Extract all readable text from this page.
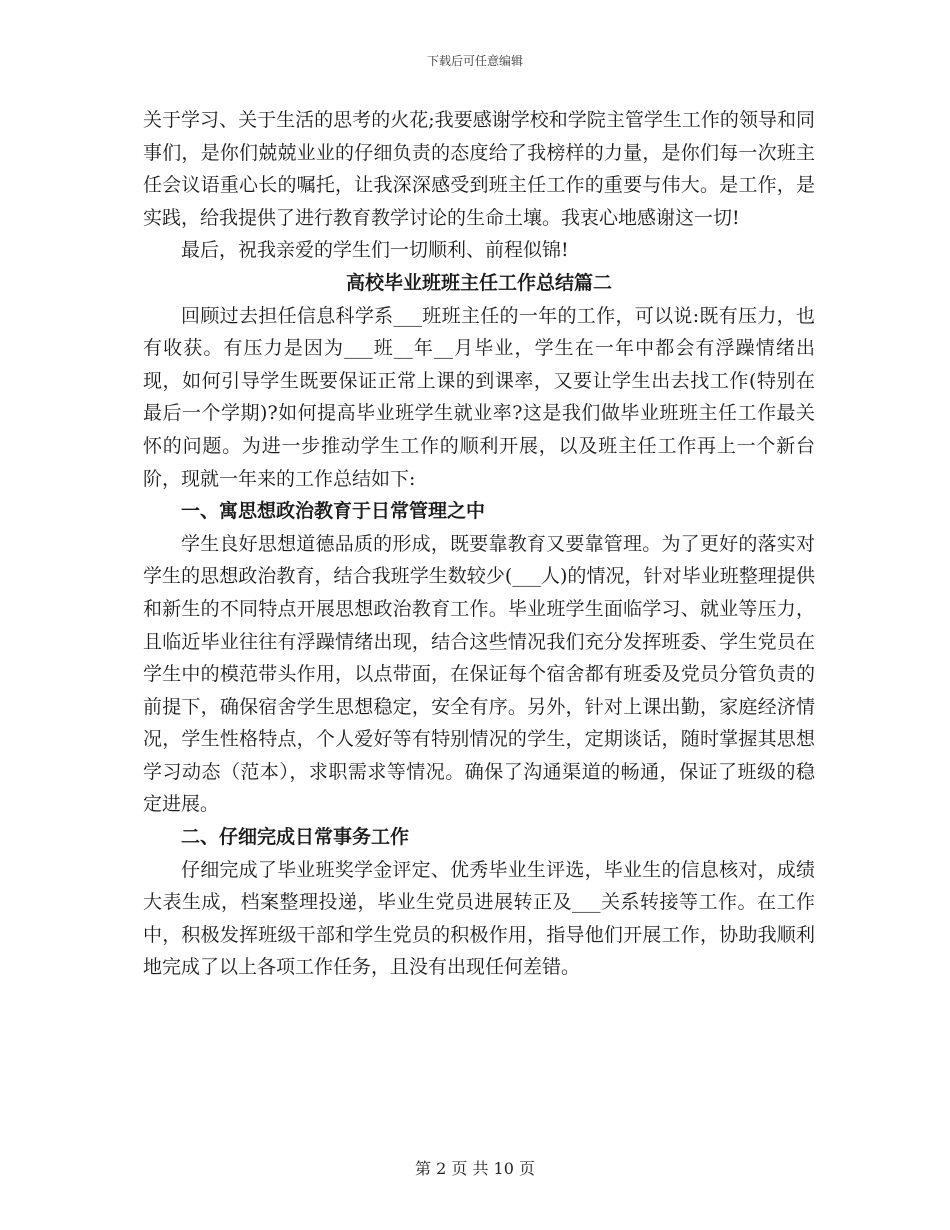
下载后可任意编辑

关于学习、关于生活的思考的火花;我要感谢学校和学院主管学生工作的领导和同事们，是你们兢兢业业的仔细负责的态度给了我榜样的力量，是你们每一次班主任会议语重心长的嘱托，让我深深感受到班主任工作的重要与伟大。是工作，是实践，给我提供了进行教育教学讨论的生命土壤。我衷心地感谢这一切!

最后，祝我亲爱的学生们一切顺利、前程似锦!

高校毕业班班主任工作总结篇二

回顾过去担任信息科学系___班班主任的一年的工作，可以说:既有压力，也有收获。有压力是因为___班__年__月毕业，学生在一年中都会有浮躁情绪出现，如何引导学生既要保证正常上课的到课率，又要让学生出去找工作(特别在最后一个学期)?如何提高毕业班学生就业率?这是我们做毕业班班主任工作最关怀的问题。为进一步推动学生工作的顺利开展，以及班主任工作再上一个新台阶，现就一年来的工作总结如下:

一、寓思想政治教育于日常管理之中

学生良好思想道德品质的形成，既要靠教育又要靠管理。为了更好的落实对学生的思想政治教育，结合我班学生数较少(___人)的情况，针对毕业班整理提供和新生的不同特点开展思想政治教育工作。毕业班学生面临学习、就业等压力，且临近毕业往往有浮躁情绪出现，结合这些情况我们充分发挥班委、学生党员在学生中的模范带头作用，以点带面，在保证每个宿舍都有班委及党员分管负责的前提下，确保宿舍学生思想稳定，安全有序。另外，针对上课出勤，家庭经济情况，学生性格特点，个人爱好等有特别情况的学生，定期谈话，随时掌握其思想学习动态（范本），求职需求等情况。确保了沟通渠道的畅通，保证了班级的稳定进展。

二、仔细完成日常事务工作

仔细完成了毕业班奖学金评定、优秀毕业生评选，毕业生的信息核对，成绩大表生成，档案整理投递，毕业生党员进展转正及___关系转接等工作。在工作中，积极发挥班级干部和学生党员的积极作用，指导他们开展工作，协助我顺利地完成了以上各项工作任务，且没有出现任何差错。

第 2 页 共 10 页
